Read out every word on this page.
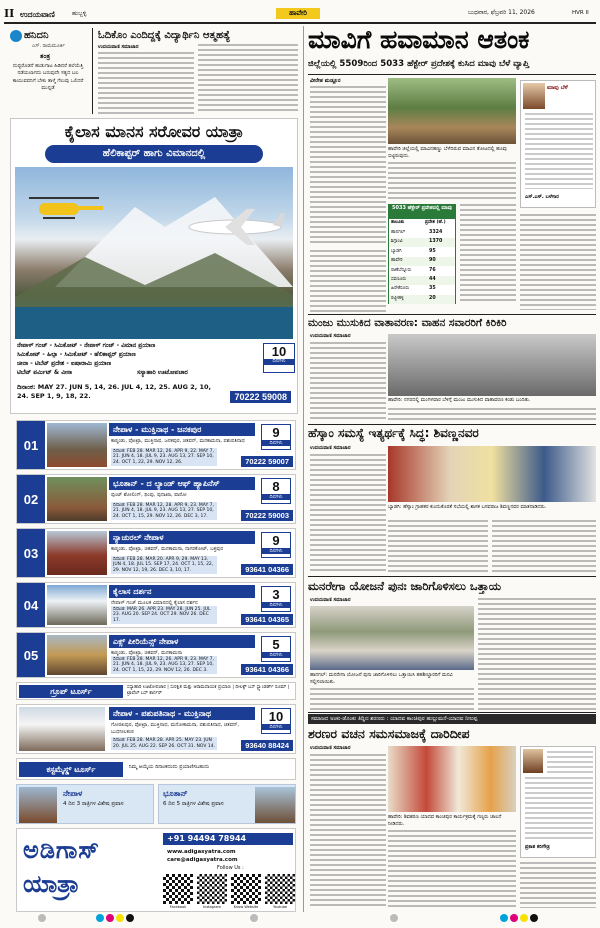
II ಉದಯವಾಣಿ	ಹುಬ್ಬಳ್ಳಿ	ಹಾವೇರಿ	ಬುಧವಾರ, ಫೆಬ್ರವರಿ 11, 2026	HVR II
ಹನಿದನಿ
ಎಸ್. ರಾಮಮೂರ್ತಿ
ತಂತ್ರ
ದುಷ್ಟರೊಡನೆ ಹುಡುಗಾಟ ಹಿಡಿದರೆ ತಲೆಯೆತ್ತಿ ನಡೆಯಲಾಗದು ಬರುವುದೇ ಸತ್ಯದ ಬಲ ಕಾಯುವವನಿಗೆ ಬೇಕು ತಾಳ್ಮೆ ಗೆಲುವು ಒಲಿದರೆ ಮುನ್ನಡೆ
ಓದಿಕೊಂ ಎಂದಿದ್ದಕ್ಕೆ ವಿದ್ಯಾರ್ಥಿನಿ ಆತ್ಮಹತ್ಯೆ
ಉದಯವಾಣಿ ಸಮಾಚಾರ
ಕೈಲಾಸ ಮಾನಸ ಸರೋವರ ಯಾತ್ರಾ
ಹೆಲಿಕಾಪ್ಟರ್ ಹಾಗು ವಿಮಾನದಲ್ಲಿ
ನೇಪಾಳ್ ಗಂಜ್ - ಸಿಮಿಕೋಟ್ - ನೇಪಾಳ್ ಗಂಜ್ - ವಿಮಾನ ಪ್ರಯಾಣ
ಸಿಮಿಕೋಟ್ - ಹಿಲ್ಸಾ - ಸಿಮಿಕೋಟ್ - ಹೆಲಿಕಾಪ್ಟರ್ ಪ್ರಯಾಣ
ಚೀನಾ - ಟಿಬೆಟ್ ಪ್ರದೇಶ - ಐಷಾರಾಮಿ ಪ್ರಯಾಣ
ಟಿಬೆಟ್ ಪರ್ಮಿಟ್ & ವೀಸಾ	ಸಸ್ಯಾಹಾರಿ ಊಟೋಪಚಾರ
10
ದಿನಗಳು
ದಿನಾಂಕ: MAY 27. JUN 5, 14, 26. JUL 4, 12, 25. AUG 2, 10, 24. SEP 1, 9, 18, 22.	70222 59008
01
ನೇಪಾಳ - ಮುಕ್ತಿನಾಥ - ಜನಕಪುರ
ಕಾಠ್ಮಂಡು, ಪೋಖ್ರಾ, ಮುಕ್ತಿನಾಥ, ಜನಕಪುರ, ಚಿತವನ್, ಮನಕಾಮನಾ, ಪಶುಪತಿನಾಥ
ದಿನಾಂಕ: FEB 28. MAR 12, 26. APR 9, 22. MAY 7, 21. JUN 4, 18. JUL 9, 23. AUG 13, 27. SEP 10, 24. OCT 1, 22, 29. NOV 12, 26.
9
ದಿನಗಳು
70222 59007
02
ಭೂತಾನ್ - ದ ಲ್ಯಾಂಡ್ ಆಫ್ ಹ್ಯಾಪಿನೆಸ್
ಫುಂಟ್ ಶೋಲಿಂಗ್, ಥಿಂಫು, ಪುನಾಖಾ, ಪಾರೋ
ದಿನಾಂಕ: FEB 28. MAR 12, 28. APR 9, 23. MAY 7, 21. JUN 4, 18. JUL 9, 23. AUG 13, 27. SEP 10, 24. OCT 1, 15, 29. NOV 12, 26. DEC 3, 17.
8
ದಿನಗಳು
70222 59003
03
ನ್ಯಾಚುರಲ್ ನೇಪಾಳ
ಕಾಠ್ಮಂಡು, ಪೋಖ್ರಾ, ಚಿತವನ್, ಮನಕಾಮನಾ, ನಾಗರಕೋಟ್, ಬಕ್ತಪುರ
ದಿನಾಂಕ: FEB 28. MAR 20. APR 9, 29. MAY 13. JUN 4, 18. JUL 15. SEP 17, 24. OCT 1, 15, 22, 29. NOV 12, 19, 26. DEC 3, 10, 17.
9
ದಿನಗಳು
93641 04366
04
ಕೈಲಾಸ ದರ್ಶನ
ನೇಪಾಳ್ ಗಂಜ್ ಮೂಲಕ ವಿಮಾನದಲ್ಲಿ ಕೈಲಾಸ ದರ್ಶನ
ದಿನಾಂಕ: MAR 26. APR 23. MAY 28. JUN 25. JUL 23. AUG 20. SEP 24. OCT 29. NOV 26. DEC 17.
3
ದಿನಗಳು
93641 04365
05
ಎಕ್ಸ್ ಪೀರಿಯೆನ್ಸ್ ನೇಪಾಳ
ಕಾಠ್ಮಂಡು, ಪೋಖ್ರಾ, ಚಿತವನ್, ಮನಕಾಮನಾ
ದಿನಾಂಕ: FEB 28. MAR 12, 26. APR 9, 23. MAY 7, 21. JUN 4, 18. JUL 9, 23. AUG 13, 27. SEP 10, 24. OCT 1, 15, 22, 29. NOV 12, 26. DEC 3.
5
ದಿನಗಳು
93641 04366
ಗ್ರೂಪ್ ಟೂರ್ಸ್	ಸಸ್ಯಾಹಾರಿ ಊಟೋಪಚಾರ | ಸುರಕ್ಷಿತ ಮತ್ತು ಆರಾಮದಾಯಕ ಪ್ರಯಾಣ | ದೀಲಕ್ಸ್ ಬಸ್ ಸ್ಟ್ಯಾಂಡರ್ಡ್ ರೂಮ್ | ಟ್ರಾವೆಲ್ ಬಸ್ ಕಾರ್ನರ್
ನೇಪಾಳ - ಪಶುಪತಿನಾಥ - ಮುಕ್ತಿನಾಥ
ಗೋರಖಪುರ, ಪೋಖ್ರಾ, ಮುಕ್ತಿನಾಥ, ಮನೋಕಾಮನಾ, ಪಶುಪತಿನಾಥ, ಚಿತವನ್, ಬುಧನೀಲಕಂಠ
ದಿನಾಂಕ: FEB 28. MAR 28. APR 25. MAY 23. JUN 20. JUL 25. AUG 22. SEP 26. OCT 31. NOV 14.
10
ದಿನಗಳು
93640 88424
ಕಸ್ಟಮೈಸ್ಡ್ ಟೂರ್ಸ್	ನಿಮ್ಮ ಆಯ್ಕೆಯ ದಿನಾಂಕದಂದು ಪ್ರಯಾಣಿಸಬಹುದು
ನೇಪಾಳ
4 ದಿನ 3 ರಾತ್ರಿಗಳ ವಿಶೇಷ ಪ್ರವಾಸ
ಭೂತಾನ್
6 ದಿನ 5 ರಾತ್ರಿಗಳ ವಿಶೇಷ ಪ್ರವಾಸ
ಅಡಿಗಾಸ್
ಯಾತ್ರಾ
+91 94494 78944
www.adigasyatra.com
care@adigasyatra.com
Follow Us :
Facebook	Instagram	Know Website	Youtube
ಮಾವಿಗೆ ಹವಾಮಾನ ಆತಂಕ
ಜಿಲ್ಲೆಯಲ್ಲಿ 5509ರಿಂದ 5033 ಹೆಕ್ಟೇರ್ ಪ್ರದೇಶಕ್ಕೆ ಕುಸಿದ ಮಾವು ಬೆಳೆ ವ್ಯಾಪ್ತಿ
ವೀರೇಶ ಮಡ್ಲೂರ
ಹಾವೇರಿ ಜಿಲ್ಲೆಯಲ್ಲಿ ಮಾವಿನಹಣ್ಣು ಬೆಳೆದಿರುವ ಮಾವಿನ ತೋಟದಲ್ಲಿ ಹೂವು ಬಿಟ್ಟಿರುವುದು.
ಮಾವು ಬೆಳೆ
ಎಸ್.ಎಸ್. ಬಳೆಗಾರ
5033 ಹೆಕ್ಟೇರ್ ಪ್ರದೇಶದಲ್ಲಿ ಮಾವು
ತಾಲೂಕು	ಪ್ರದೇಶ (ಹೆ.)
ಹಾನಗಲ್	3324
ಶಿಗ್ಗಾಂವಿ	1370
ಬ್ಯಾಡಗಿ	95
ಹಾವೇರಿ	90
ರಾಣೆಬೆನ್ನೂರು	76
ಸವಣೂರು	44
ಹಿರೇಕೆರೂರು	35
ರಟ್ಟೀಹಳ್ಳಿ	20
ಮಂಜು ಮುಸುಕಿದ ವಾತಾವರಣ: ವಾಹನ ಸವಾರರಿಗೆ ಕಿರಿಕಿರಿ
ಉದಯವಾಣಿ ಸಮಾಚಾರ
ಹಾವೇರಿ: ನಗರದಲ್ಲಿ ಮಂಗಳವಾರ ಬೆಳಿಗ್ಗೆ ಮಂಜು ಮುಸುಕಿದ ವಾತಾವರಣ ಕಂಡು ಬಂದಿತು.
ಹೆಸ್ಕಾಂ ಸಮಸ್ಯೆ ಇತ್ಯರ್ಥಕ್ಕೆ ಸಿದ್ಧ: ಶಿವಣ್ಣನವರ
ಉದಯವಾಣಿ ಸಮಾಚಾರ
ಬ್ಯಾಡಗಿ: ಹೆಸ್ಕಾಂ ಗ್ರಾಹಕರ ಕುಂದುಕೊರತೆ ಸಭೆಯಲ್ಲಿ ಶಾಸಕ ಬಸವರಾಜ ಶಿವಣ್ಣನವರ ಮಾತನಾಡಿದರು.
ಮನರೇಗಾ ಯೋಜನೆ ಪುನಃ ಜಾರಿಗೊಳಿಸಲು ಒತ್ತಾಯ
ಉದಯವಾಣಿ ಸಮಾಚಾರ
ಹಾನಗಲ್: ಮನರೇಗಾ ಯೋಜನೆ ಪುನಃ ಜಾರಿಗೊಳಿಸಲು ಒತ್ತಾಯಿಸಿ ತಹಶೀಲ್ದಾರರಿಗೆ ಮನವಿ ಸಲ್ಲಿಸಲಾಯಿತು.
ಸಮಾಜದ ಅಂಕು-ಡೊಂಕು ತಿದ್ದಿದ ಶರಣರು : ಯಾದವ ಕಾಂಚಿಪುರ ಹುಲ್ಲುಮನೆ-ಯಾದವ ನೀಲಪ್ಪ
ಶರಣರ ವಚನ ಸಮಸಮಾಜಕ್ಕೆ ದಾರಿದೀಪ
ಉದಯವಾಣಿ ಸಮಾಚಾರ
ಹಾವೇರಿ: ಶಿವಶರಣ ಯಾದವ ಕಾಂಚಿಪುರ ಕಾರ್ಯಕ್ರಮಕ್ಕೆ ಗಣ್ಯರು ಚಾಲನೆ ನೀಡಿದರು.
ಪ್ರಕಾಶ ಕರಿಗೌಡ್ರ
